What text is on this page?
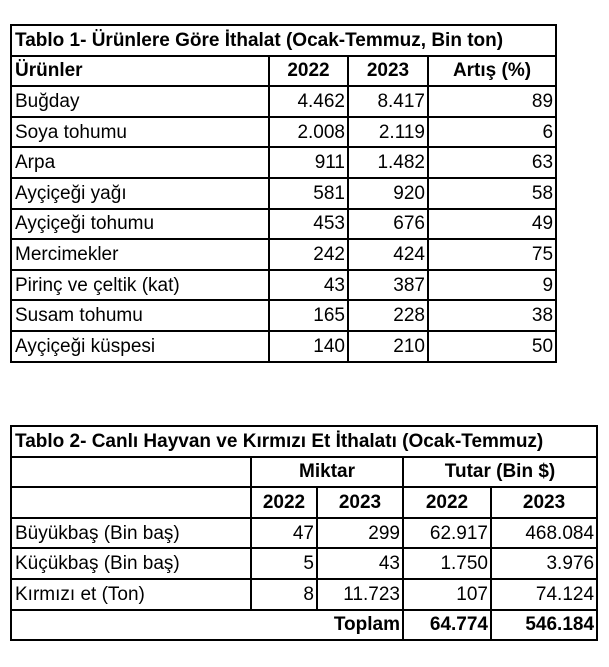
Tablo 1- Ürünlere Göre İthalat (Ocak-Temmuz, Bin ton)			
Ürünler	2022	2023	Artış (%)
Buğday	4.462	8.417	89
Soya tohumu	2.008	2.119	6
Arpa	911	1.482	63
Ayçiçeği yağı	581	920	58
Ayçiçeği tohumu	453	676	49
Mercimekler	242	424	75
Pirinç ve çeltik (kat)	43	387	9
Susam tohumu	165	228	38
Ayçiçeği küspesi	140	210	50
Tablo 2- Canlı Hayvan ve Kırmızı Et İthalatı (Ocak-Temmuz)				
	Miktar		Tutar (Bin $)	
	2022	2023	2022	2023
Büyükbaş (Bin baş)	47	299	62.917	468.084
Küçükbaş (Bin baş)	5	43	1.750	3.976
Kırmızı et (Ton)	8	11.723	107	74.124
Toplam			64.774	546.184
